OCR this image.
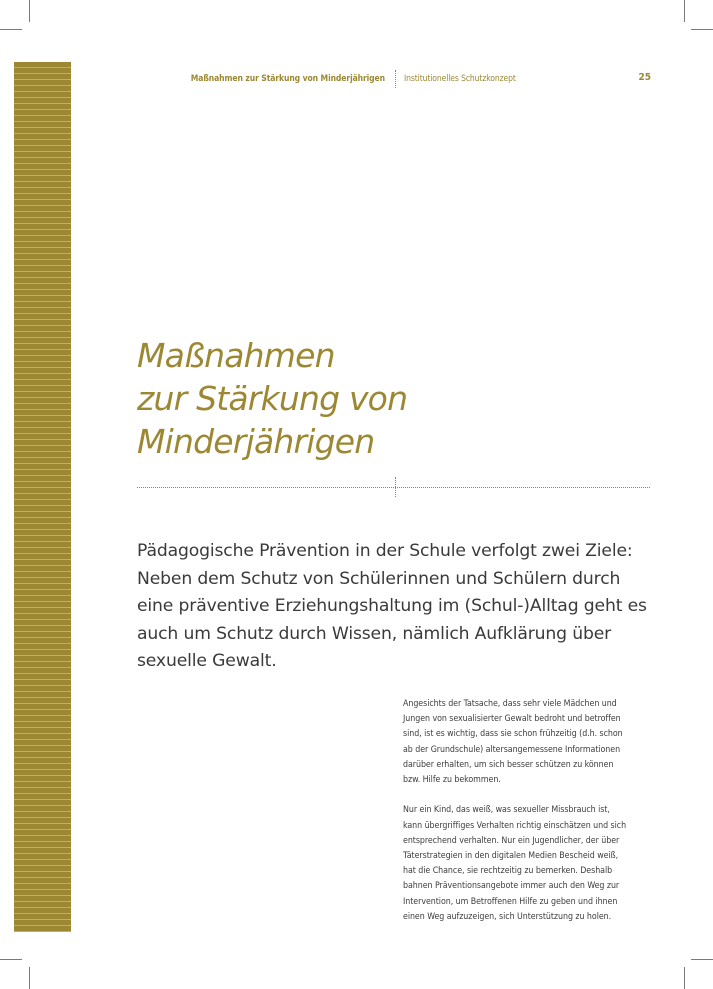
Maßnahmen zur Stärkung von Minderjährigen Institutionelles Schutzkonzept	25
Maßnahmen
zur Stärkung von
Minderjährigen

Pädagogische Prävention in der Schule verfolgt zwei Ziele:
Neben dem Schutz von Schülerinnen und Schülern durch
eine präventive Erziehungshaltung im (Schul-)Alltag geht es
auch um Schutz durch Wissen, nämlich Aufklärung über
sexuelle Gewalt.

Angesichts der Tatsache, dass sehr viele Mädchen und
Jungen von sexualisierter Gewalt bedroht und betroffen
sind, ist es wichtig, dass sie schon frühzeitig (d.h. schon
ab der Grundschule) altersangemessene Informationen
darüber erhalten, um sich besser schützen zu können
bzw. Hilfe zu bekommen.

Nur ein Kind, das weiß, was sexueller Missbrauch ist,
kann übergriffiges Verhalten richtig einschätzen und sich
entsprechend verhalten. Nur ein Jugendlicher, der über
Täterstrategien in den digitalen Medien Bescheid weiß,
hat die Chance, sie rechtzeitig zu bemerken. Deshalb
bahnen Präventionsangebote immer auch den Weg zur
Intervention, um Betroffenen Hilfe zu geben und ihnen
einen Weg aufzuzeigen, sich Unterstützung zu holen.
